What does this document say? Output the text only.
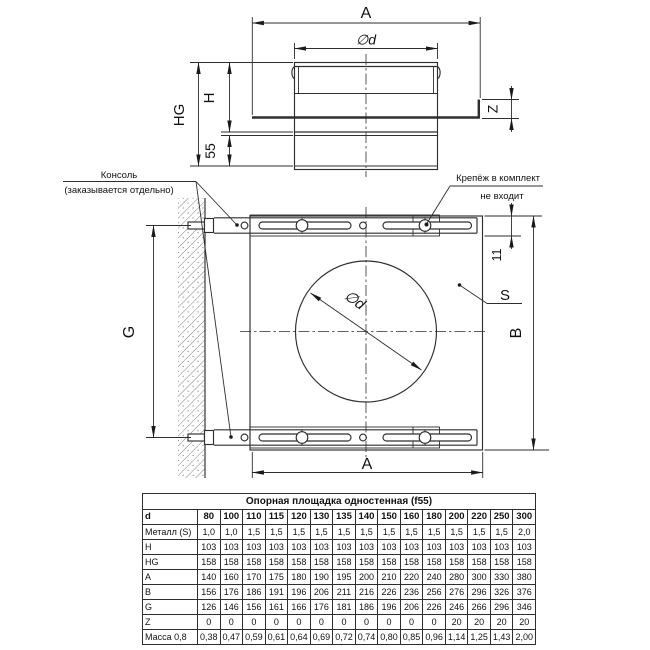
A
∅d
H
HG
55
Z
∅d
G	B
11
A
S
Консоль
(заказывается отдельно)
Крепёж в комплект
не входит
Опорная площадка одностенная (f55)															
d	80	100	110	115	120	130	135	140	150	160	180	200	220	250	300
Металл (S)	1,0	1,0	1,5	1,5	1,5	1,5	1,5	1,5	1,5	1,5	1,5	1,5	1,5	1,5	2,0
H	103	103	103	103	103	103	103	103	103	103	103	103	103	103	103
HG	158	158	158	158	158	158	158	158	158	158	158	158	158	158	158
A	140	160	170	175	180	190	195	200	210	220	240	280	300	330	380
B	156	176	186	191	196	206	211	216	226	236	256	276	296	326	376
G	126	146	156	161	166	176	181	186	196	206	226	246	266	296	346
Z	0	0	0	0	0	0	0	0	0	0	0	20	20	20	20
Масса 0,8	0,38	0,47	0,59	0,61	0,64	0,69	0,72	0,74	0,80	0,85	0,96	1,14	1,25	1,43	2,00
